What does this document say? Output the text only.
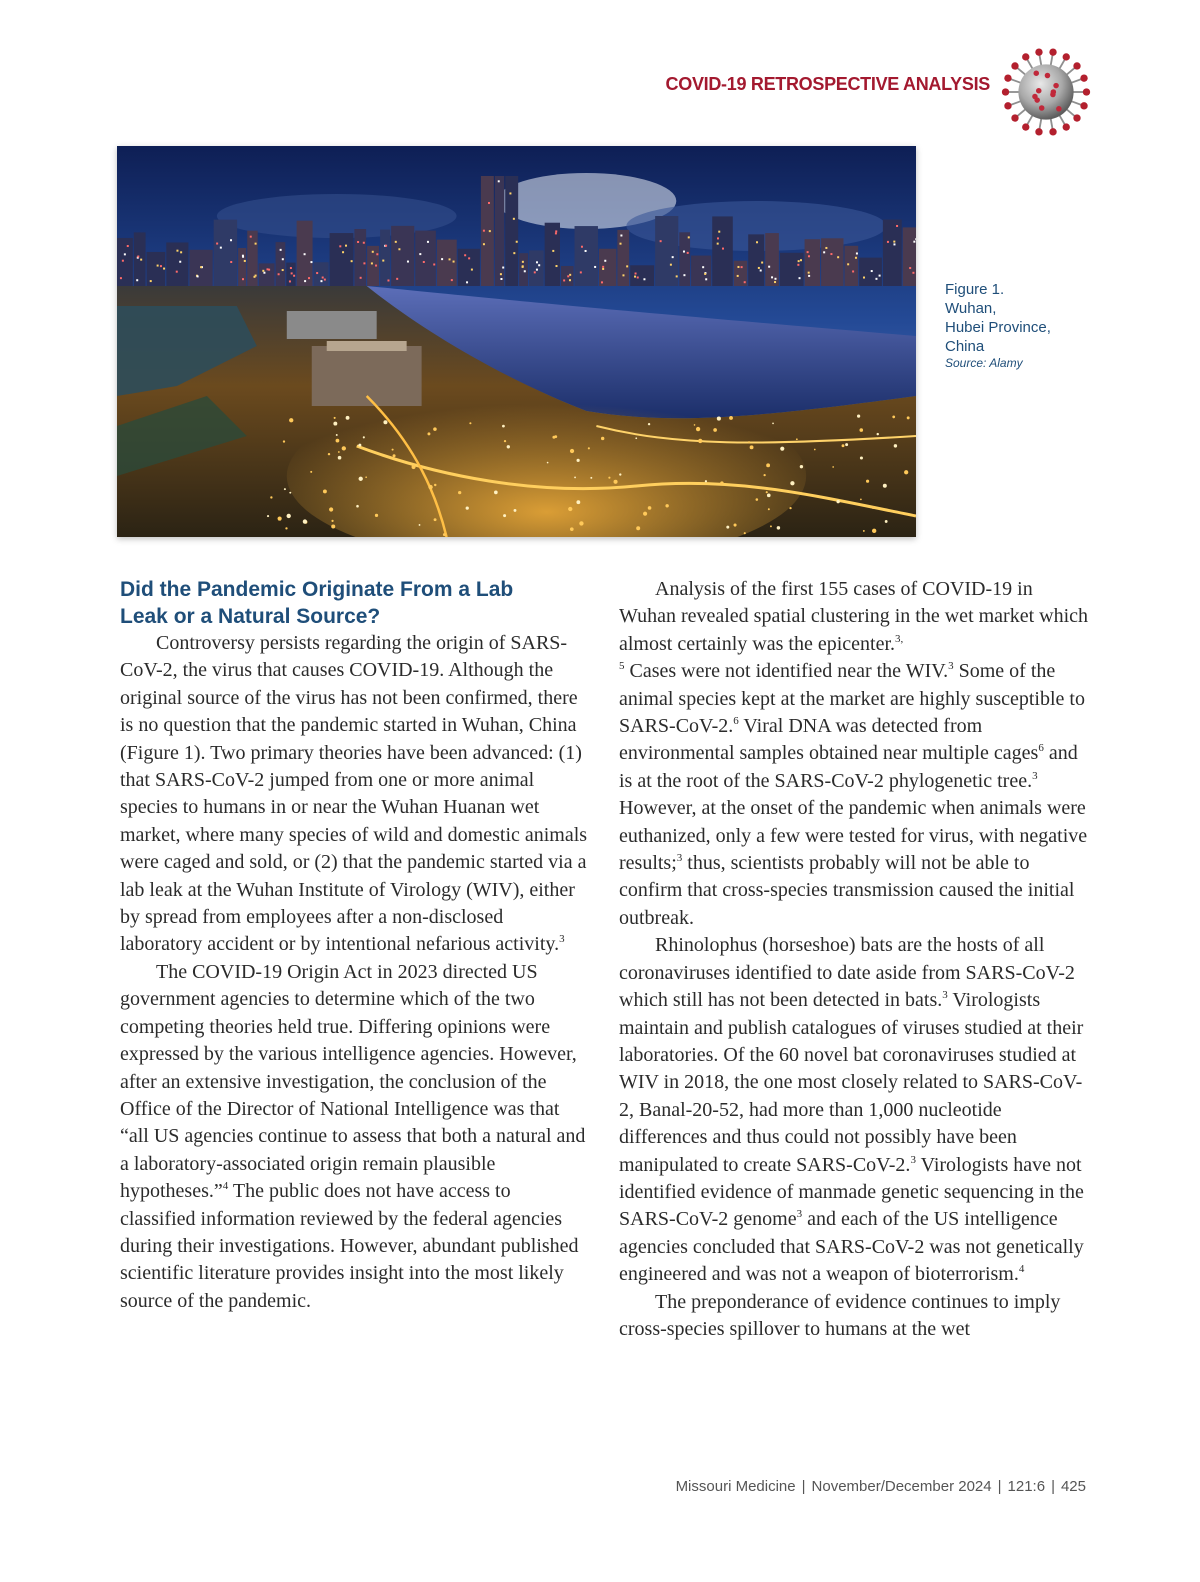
COVID-19 RETROSPECTIVE ANALYSIS
Figure 1.
Wuhan,
Hubei Province,
China
Source: Alamy
Did the Pandemic Originate From a Lab
Leak or a Natural Source?

Controversy persists regarding the origin of SARS-CoV-2, the virus that causes COVID-19. Although the original source of the virus has not been confirmed, there is no question that the pandemic started in Wuhan, China (Figure 1). Two primary theories have been advanced: (1) that SARS-CoV-2 jumped from one or more animal species to humans in or near the Wuhan Huanan wet market, where many species of wild and domestic animals were caged and sold, or (2) that the pandemic started via a lab leak at the Wuhan Institute of Virology (WIV), either by spread from employees after a non-disclosed laboratory accident or by intentional nefarious activity.$^3$

The COVID-19 Origin Act in 2023 directed US government agencies to determine which of the two competing theories held true. Differing opinions were expressed by the various intelligence agencies. However, after an extensive investigation, the conclusion of the Office of the Director of National Intelligence was that “all US agencies continue to assess that both a natural and a laboratory-associated origin remain plausible hypotheses.”$^4$ The public does not have access to classified information reviewed by the federal agencies during their investigations. However, abundant published scientific literature provides insight into the most likely source of the pandemic.

Analysis of the first 155 cases of COVID-19 in Wuhan revealed spatial clustering in the wet market which almost certainly was the epicenter.$^{3,}$
$^5$ Cases were not identified near the WIV.$^3$ Some of the animal species kept at the market are highly susceptible to SARS-CoV-2.$^6$ Viral DNA was detected from environmental samples obtained near multiple cages$^6$ and is at the root of the SARS-CoV-2 phylogenetic tree.$^3$ However, at the onset of the pandemic when animals were euthanized, only a few were tested for virus, with negative results;$^3$ thus, scientists probably will not be able to confirm that cross-species transmission caused the initial outbreak.

Rhinolophus (horseshoe) bats are the hosts of all coronaviruses identified to date aside from SARS-CoV-2 which still has not been detected in bats.$^3$ Virologists maintain and publish catalogues of viruses studied at their laboratories. Of the 60 novel bat coronaviruses studied at WIV in 2018, the one most closely related to SARS-CoV-2, Banal-20-52, had more than 1,000 nucleotide differences and thus could not possibly have been manipulated to create SARS-CoV-2.$^3$ Virologists have not identified evidence of manmade genetic sequencing in the SARS-CoV-2 genome$^3$ and each of the US intelligence agencies concluded that SARS-CoV-2 was not genetically engineered and was not a weapon of bioterrorism.$^4$

The preponderance of evidence continues to imply cross-species spillover to humans at the wet

Missouri Medicine | November/December 2024 | 121:6 | 425
